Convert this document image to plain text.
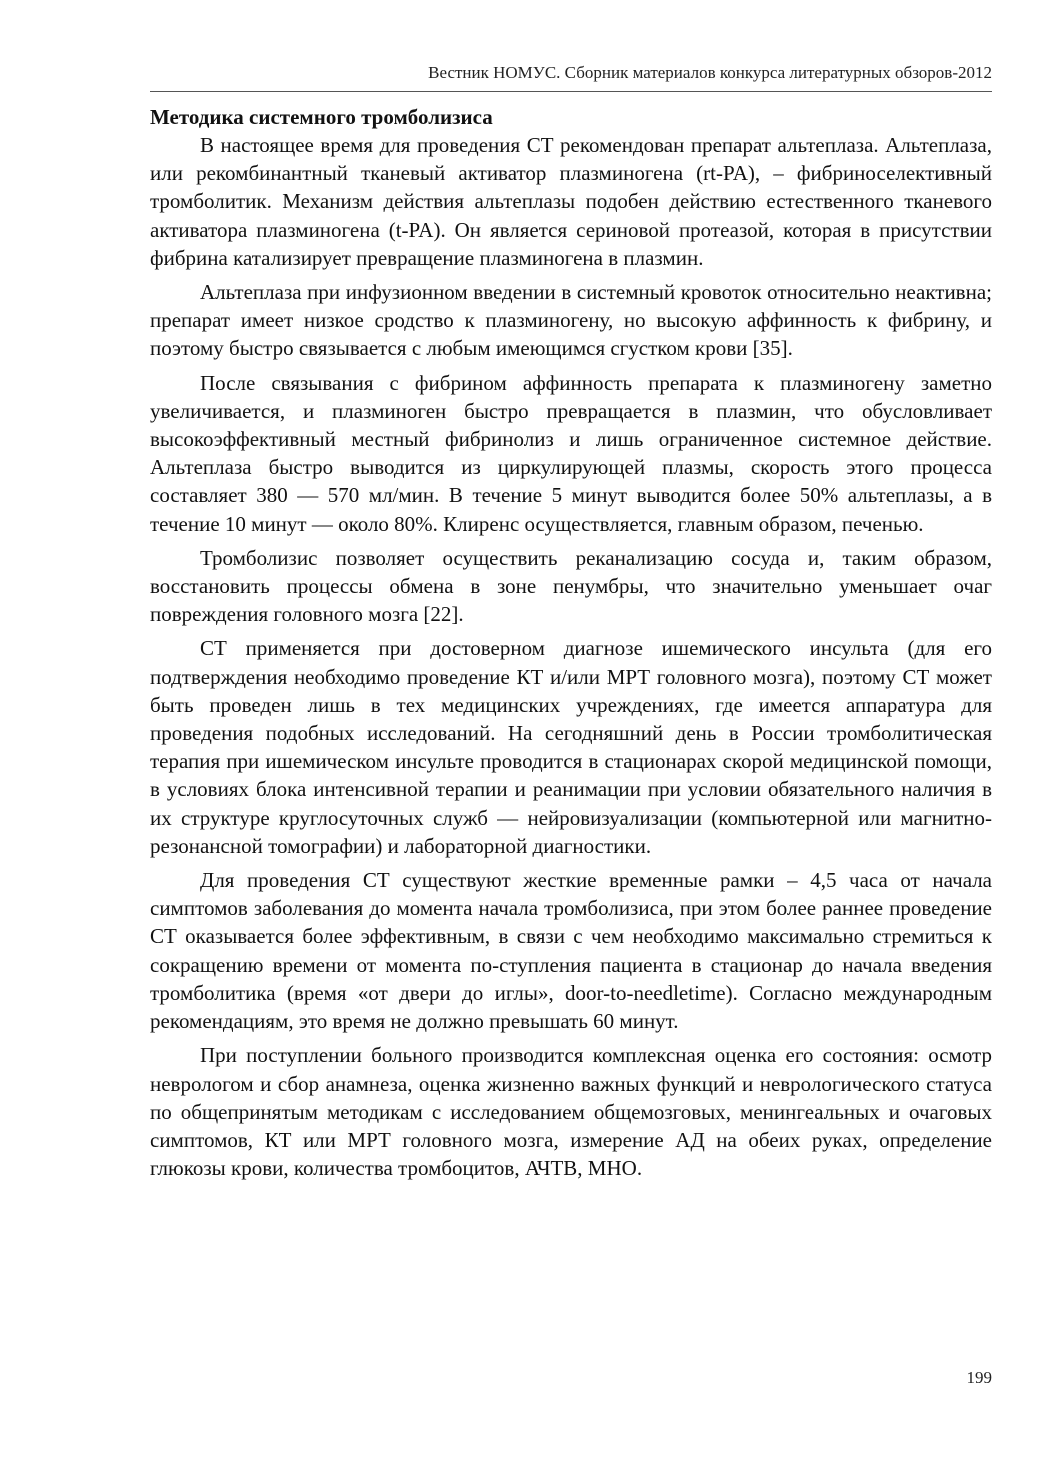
Вестник НОМУС. Сборник материалов конкурса литературных обзоров-2012
Методика системного тромболизиса

В настоящее время для проведения СТ рекомендован препарат альтеплаза. Альтеплаза, или рекомбинантный тканевый активатор плазминогена (rt-PA), – фибриноселективный тромболитик. Механизм действия альтеплазы подобен действию естественного тканевого активатора плазминогена (t-PA). Он является сериновой протеазой, которая в присутствии фибрина катализирует превращение плазминогена в плазмин.

Альтеплаза при инфузионном введении в системный кровоток относительно неактивна; препарат имеет низкое сродство к плазминогену, но высокую аффинность к фибрину, и поэтому быстро связывается с любым имеющимся сгустком крови [35].

После связывания с фибрином аффинность препарата к плазминогену заметно увеличивается, и плазминоген быстро превращается в плазмин, что обусловливает высокоэффективный местный фибринолиз и лишь ограниченное системное действие. Альтеплаза быстро выводится из циркулирующей плазмы, скорость этого процесса составляет 380 — 570 мл/мин. В течение 5 минут выводится более 50% альтеплазы, а в течение 10 минут — около 80%. Клиренс осуществляется, главным образом, печенью.

Тромболизис позволяет осуществить реканализацию сосуда и, таким образом, восстановить процессы обмена в зоне пенумбры, что значительно уменьшает очаг повреждения головного мозга [22].

СТ применяется при достоверном диагнозе ишемического инсульта (для его подтверждения необходимо проведение КТ и/или МРТ головного мозга), поэтому СТ может быть проведен лишь в тех медицинских учреждениях, где имеется аппаратура для проведения подобных исследований. На сегодняшний день в России тромболитическая терапия при ишемическом инсульте проводится в стационарах скорой медицинской помощи, в условиях блока интенсивной терапии и реанимации при условии обязательного наличия в их структуре круглосуточных служб — нейровизуализации (компьютерной или магнитно-резонансной томографии) и лабораторной диагностики.

Для проведения СТ существуют жесткие временные рамки – 4,5 часа от начала симптомов заболевания до момента начала тромболизиса, при этом более раннее проведение СТ оказывается более эффективным, в связи с чем необходимо максимально стремиться к сокращению времени от момента по-ступления пациента в стационар до начала введения тромболитика (время «от двери до иглы», door-to-needletime). Согласно международным рекомендациям, это время не должно превышать 60 минут.

При поступлении больного производится комплексная оценка его состояния: осмотр неврологом и сбор анамнеза, оценка жизненно важных функций и неврологического статуса по общепринятым методикам с исследованием общемозговых, менингеальных и очаговых симптомов, КТ или МРТ головного мозга, измерение АД на обеих руках, определение глюкозы крови, количества тромбоцитов, АЧТВ, МНО.

199
